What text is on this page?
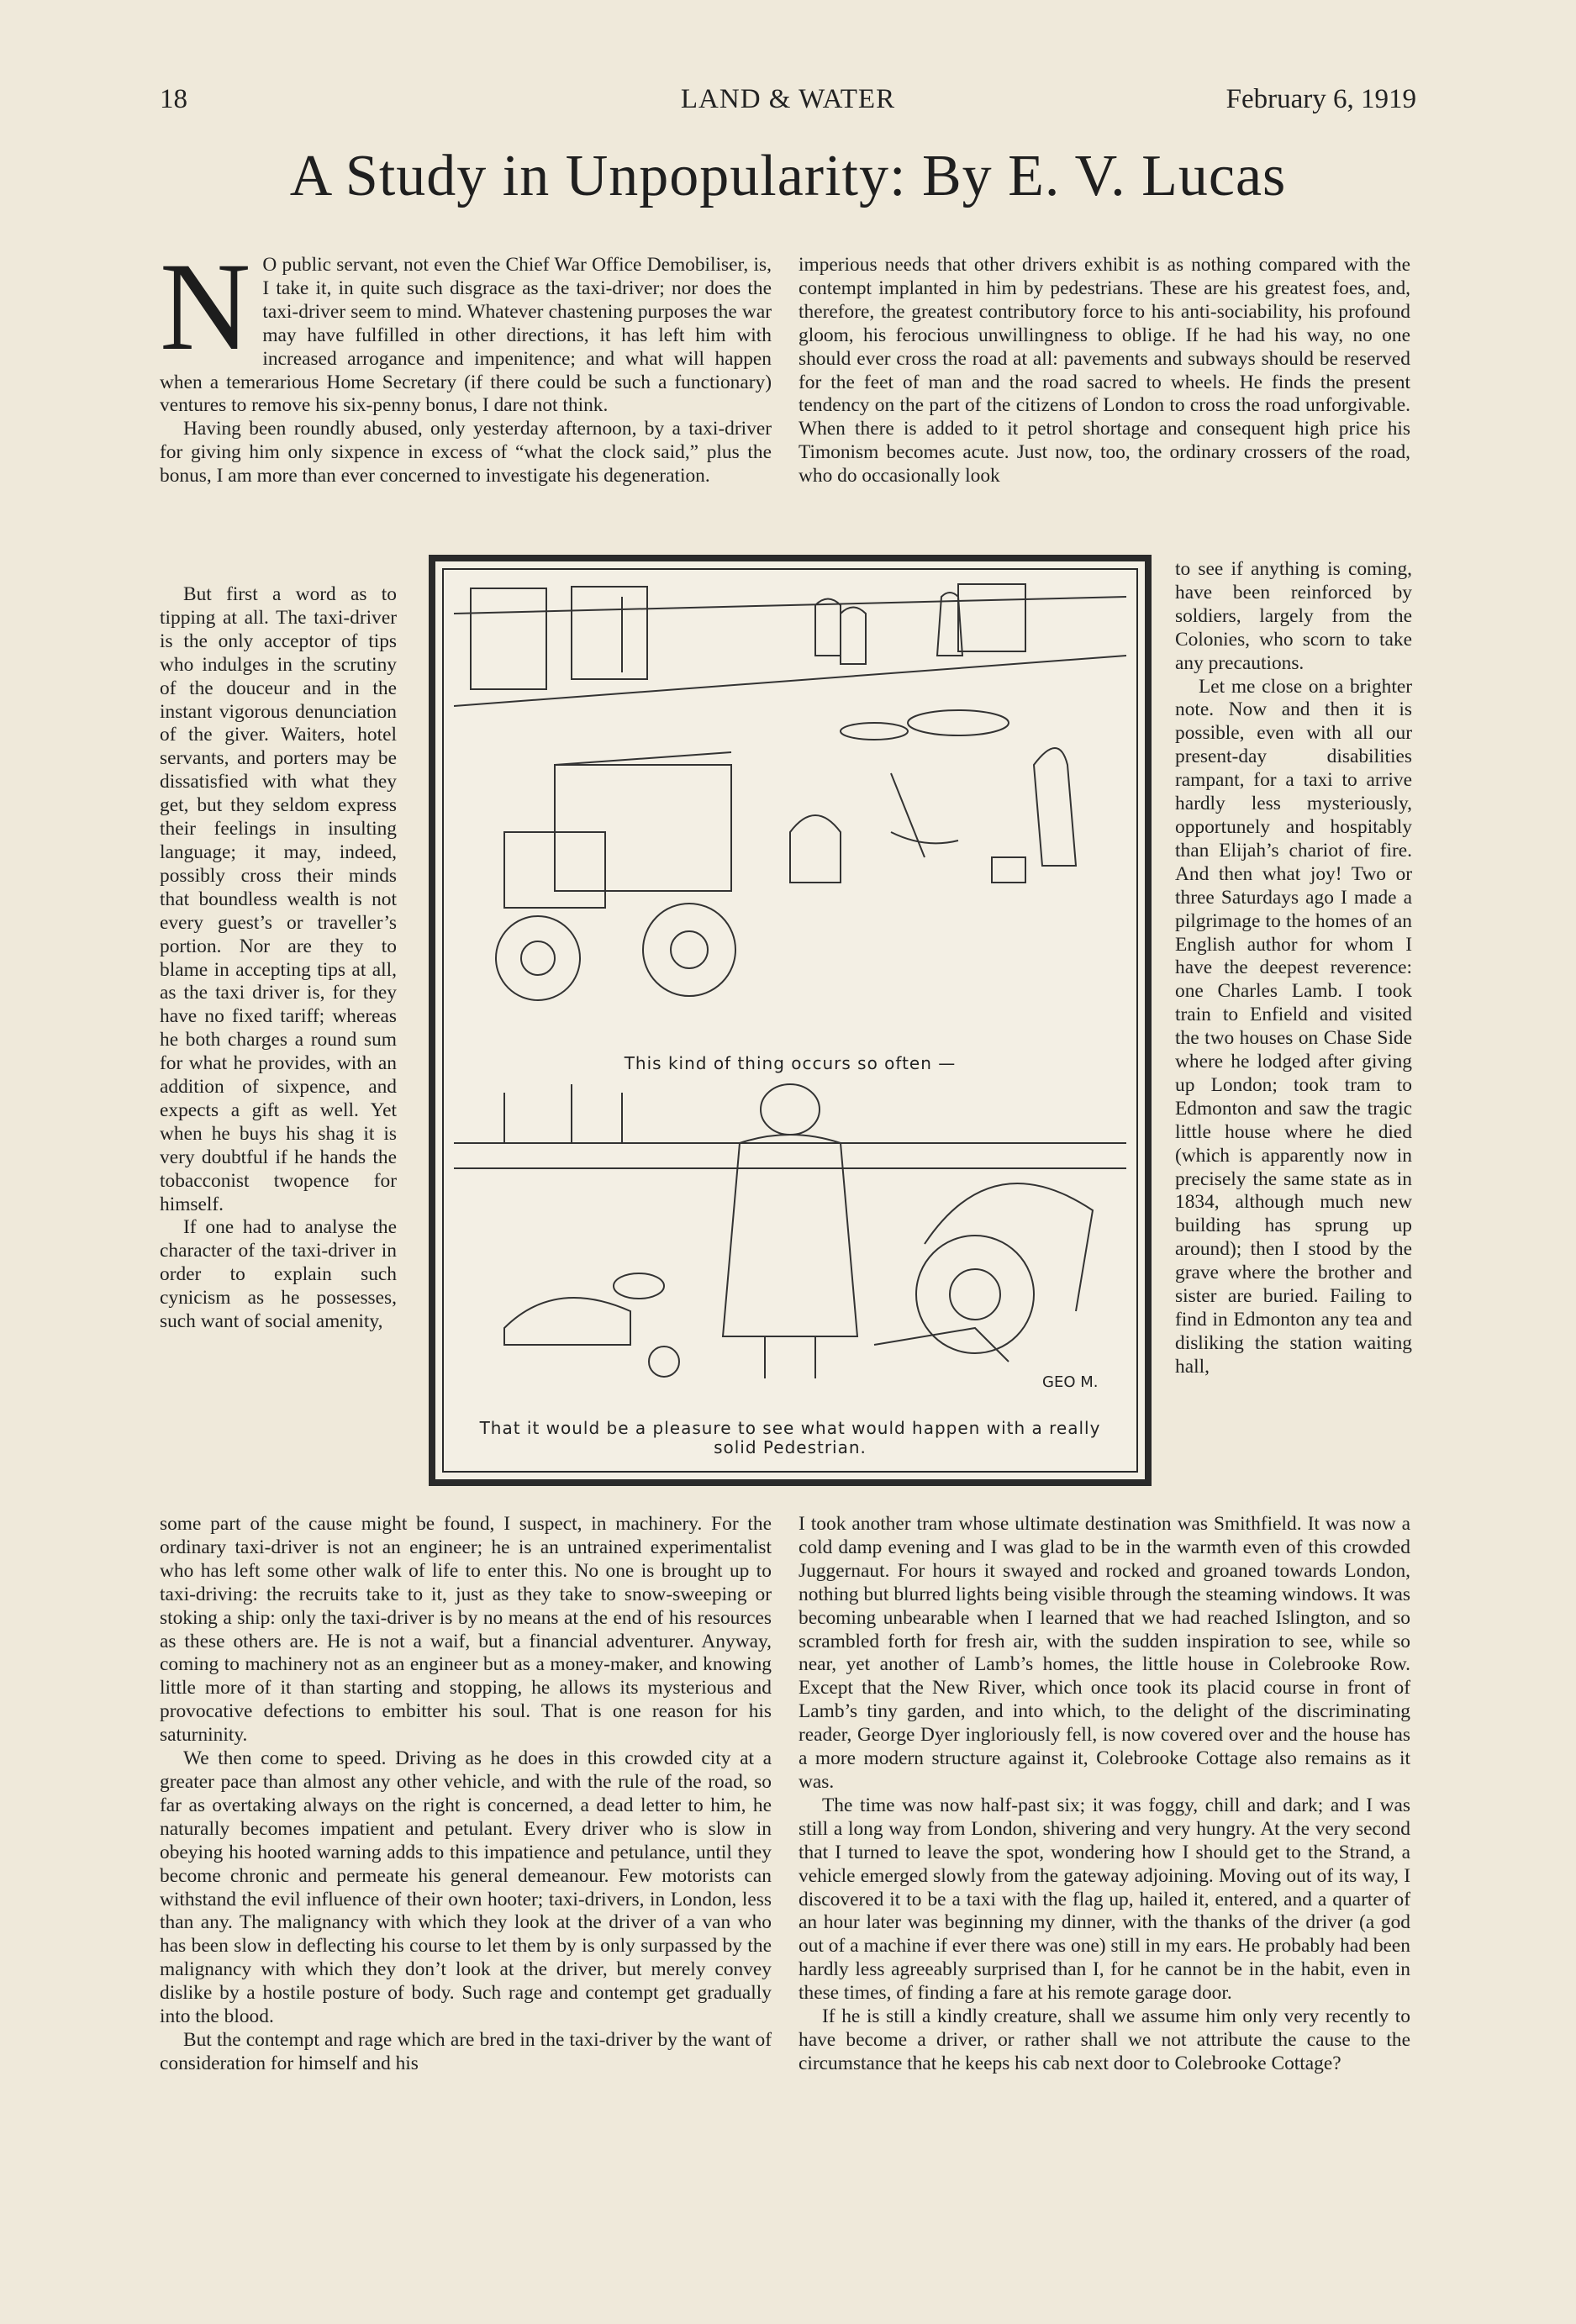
18	LAND & WATER	February 6, 1919
A Study in Unpopularity: By E. V. Lucas

N O public servant, not even the Chief War Office Demobiliser, is, I take it, in quite such disgrace as the taxi-driver; nor does the taxi-driver seem to mind. Whatever chastening purposes the war may have fulfilled in other directions, it has left him with increased arrogance and impenitence; and what will happen when a temerarious Home Secretary (if there could be such a functionary) ventures to remove his six-penny bonus, I dare not think.

Having been roundly abused, only yesterday afternoon, by a taxi-driver for giving him only sixpence in excess of “what the clock said,” plus the bonus, I am more than ever concerned to investigate his degeneration.

But first a word as to tipping at all. The taxi-driver is the only acceptor of tips who indulges in the scrutiny of the douceur and in the instant vigorous denunciation of the giver. Waiters, hotel servants, and porters may be dissatisfied with what they get, but they seldom express their feelings in insulting language; it may, indeed, possibly cross their minds that boundless wealth is not every guest’s or traveller’s portion. Nor are they to blame in accepting tips at all, as the taxi driver is, for they have no fixed tariff; whereas he both charges a round sum for what he provides, with an addition of sixpence, and expects a gift as well. Yet when he buys his shag it is very doubtful if he hands the tobacconist twopence for himself.

If one had to analyse the character of the taxi-driver in order to explain such cynicism as he possesses, such want of social amenity,

imperious needs that other drivers exhibit is as nothing compared with the contempt implanted in him by pedestrians. These are his greatest foes, and, therefore, the greatest contributory force to his anti-sociability, his profound gloom, his ferocious unwillingness to oblige. If he had his way, no one should ever cross the road at all: pavements and subways should be reserved for the feet of man and the road sacred to wheels. He finds the present tendency on the part of the citizens of London to cross the road unforgivable. When there is added to it petrol shortage and consequent high price his Timonism becomes acute. Just now, too, the ordinary crossers of the road, who do occasionally look

to see if anything is coming, have been reinforced by soldiers, largely from the Colonies, who scorn to take any precautions.

Let me close on a brighter note. Now and then it is possible, even with all our present-day disabilities rampant, for a taxi to arrive hardly less mysteriously, opportunely and hospitably than Elijah’s chariot of fire. And then what joy! Two or three Saturdays ago I made a pilgrimage to the homes of an English author for whom I have the deepest reverence: one Charles Lamb. I took train to Enfield and visited the two houses on Chase Side where he lodged after giving up London; took tram to Edmonton and saw the tragic little house where he died (which is apparently now in precisely the same state as in 1834, although much new building has sprung up around); then I stood by the grave where the brother and sister are buried. Failing to find in Edmonton any tea and disliking the station waiting hall,

This kind of thing occurs so often —
GEO M.
That it would be a pleasure to see what would happen with a really
solid Pedestrian.

some part of the cause might be found, I suspect, in machinery. For the ordinary taxi-driver is not an engineer; he is an untrained experimentalist who has left some other walk of life to enter this. No one is brought up to taxi-driving: the recruits take to it, just as they take to snow-sweeping or stoking a ship: only the taxi-driver is by no means at the end of his resources as these others are. He is not a waif, but a financial adventurer. Anyway, coming to machinery not as an engineer but as a money-maker, and knowing little more of it than starting and stopping, he allows its mysterious and provocative defections to embitter his soul. That is one reason for his saturninity.

We then come to speed. Driving as he does in this crowded city at a greater pace than almost any other vehicle, and with the rule of the road, so far as overtaking always on the right is concerned, a dead letter to him, he naturally becomes impatient and petulant. Every driver who is slow in obeying his hooted warning adds to this impatience and petulance, until they become chronic and permeate his general demeanour. Few motorists can withstand the evil influence of their own hooter; taxi-drivers, in London, less than any. The malignancy with which they look at the driver of a van who has been slow in deflecting his course to let them by is only surpassed by the malignancy with which they don’t look at the driver, but merely convey dislike by a hostile posture of body. Such rage and contempt get gradually into the blood.

But the contempt and rage which are bred in the taxi-driver by the want of consideration for himself and his

I took another tram whose ultimate destination was Smithfield. It was now a cold damp evening and I was glad to be in the warmth even of this crowded Juggernaut. For hours it swayed and rocked and groaned towards London, nothing but blurred lights being visible through the steaming windows. It was becoming unbearable when I learned that we had reached Islington, and so scrambled forth for fresh air, with the sudden inspiration to see, while so near, yet another of Lamb’s homes, the little house in Colebrooke Row. Except that the New River, which once took its placid course in front of Lamb’s tiny garden, and into which, to the delight of the discriminating reader, George Dyer ingloriously fell, is now covered over and the house has a more modern structure against it, Colebrooke Cottage also remains as it was.

The time was now half-past six; it was foggy, chill and dark; and I was still a long way from London, shivering and very hungry. At the very second that I turned to leave the spot, wondering how I should get to the Strand, a vehicle emerged slowly from the gateway adjoining. Moving out of its way, I discovered it to be a taxi with the flag up, hailed it, entered, and a quarter of an hour later was beginning my dinner, with the thanks of the driver (a god out of a machine if ever there was one) still in my ears. He probably had been hardly less agreeably surprised than I, for he cannot be in the habit, even in these times, of finding a fare at his remote garage door.

If he is still a kindly creature, shall we assume him only very recently to have become a driver, or rather shall we not attribute the cause to the circumstance that he keeps his cab next door to Colebrooke Cottage?
